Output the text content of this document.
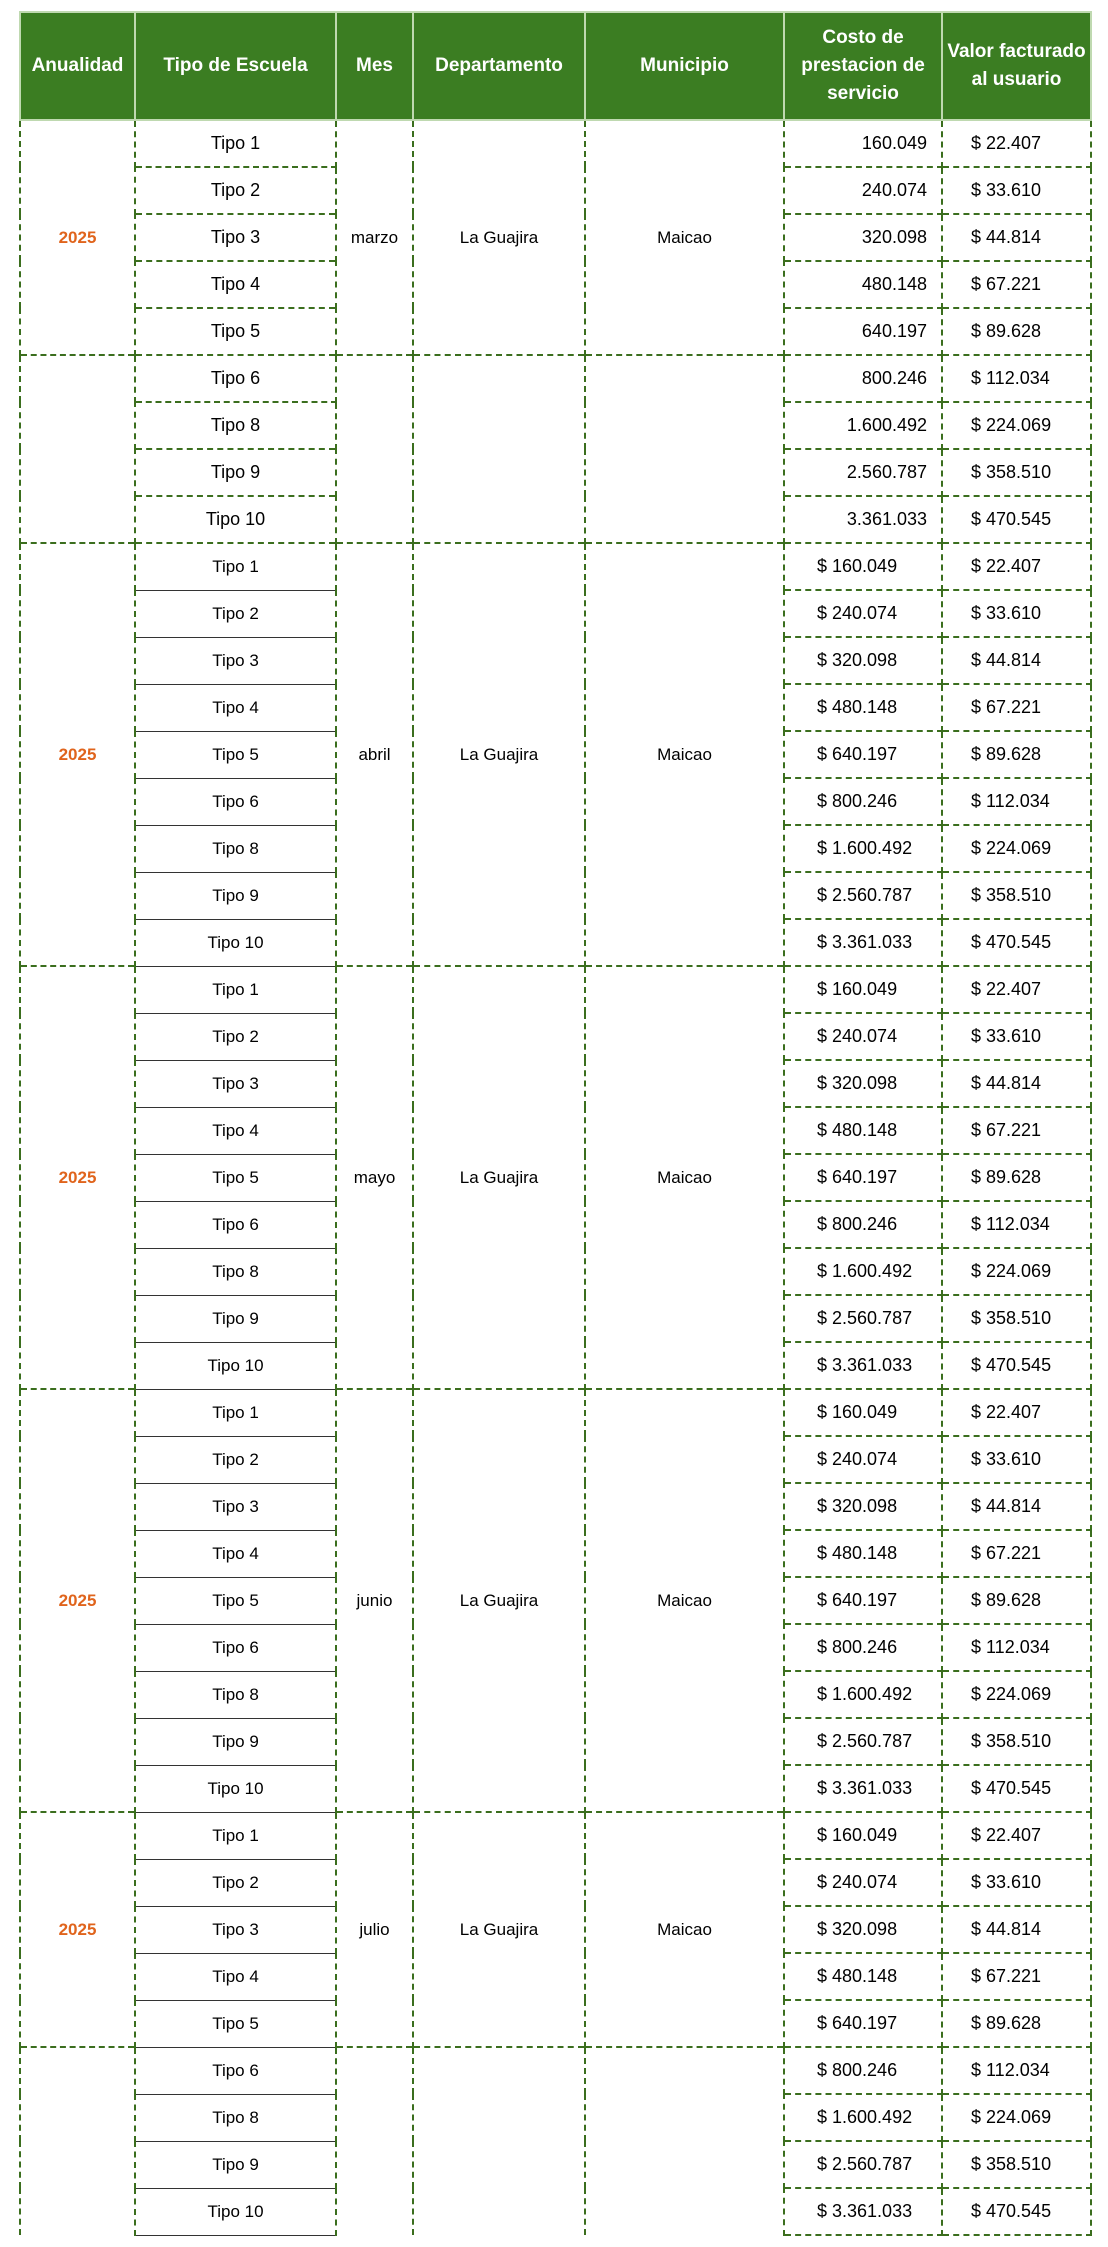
Anualidad	Tipo de Escuela	Mes	Departamento	Municipio	Costo de prestacion de servicio	Valor facturado al usuario
2025	Tipo 1	marzo	La Guajira	Maicao	160.049	$ 22.407
	Tipo 2				240.074	$ 33.610
	Tipo 3				320.098	$ 44.814
	Tipo 4				480.148	$ 67.221
	Tipo 5				640.197	$ 89.628
	Tipo 6				800.246	$ 112.034
	Tipo 8				1.600.492	$ 224.069
	Tipo 9				2.560.787	$ 358.510
	Tipo 10				3.361.033	$ 470.545
2025	Tipo 1	abril	La Guajira	Maicao	$ 160.049	$ 22.407
	Tipo 2				$ 240.074	$ 33.610
	Tipo 3				$ 320.098	$ 44.814
	Tipo 4				$ 480.148	$ 67.221
	Tipo 5				$ 640.197	$ 89.628
	Tipo 6				$ 800.246	$ 112.034
	Tipo 8				$ 1.600.492	$ 224.069
	Tipo 9				$ 2.560.787	$ 358.510
	Tipo 10				$ 3.361.033	$ 470.545
2025	Tipo 1	mayo	La Guajira	Maicao	$ 160.049	$ 22.407
	Tipo 2				$ 240.074	$ 33.610
	Tipo 3				$ 320.098	$ 44.814
	Tipo 4				$ 480.148	$ 67.221
	Tipo 5				$ 640.197	$ 89.628
	Tipo 6				$ 800.246	$ 112.034
	Tipo 8				$ 1.600.492	$ 224.069
	Tipo 9				$ 2.560.787	$ 358.510
	Tipo 10				$ 3.361.033	$ 470.545
2025	Tipo 1	junio	La Guajira	Maicao	$ 160.049	$ 22.407
	Tipo 2				$ 240.074	$ 33.610
	Tipo 3				$ 320.098	$ 44.814
	Tipo 4				$ 480.148	$ 67.221
	Tipo 5				$ 640.197	$ 89.628
	Tipo 6				$ 800.246	$ 112.034
	Tipo 8				$ 1.600.492	$ 224.069
	Tipo 9				$ 2.560.787	$ 358.510
	Tipo 10				$ 3.361.033	$ 470.545
2025	Tipo 1	julio	La Guajira	Maicao	$ 160.049	$ 22.407
	Tipo 2				$ 240.074	$ 33.610
	Tipo 3				$ 320.098	$ 44.814
	Tipo 4				$ 480.148	$ 67.221
	Tipo 5				$ 640.197	$ 89.628
	Tipo 6				$ 800.246	$ 112.034
	Tipo 8				$ 1.600.492	$ 224.069
	Tipo 9				$ 2.560.787	$ 358.510
	Tipo 10				$ 3.361.033	$ 470.545
